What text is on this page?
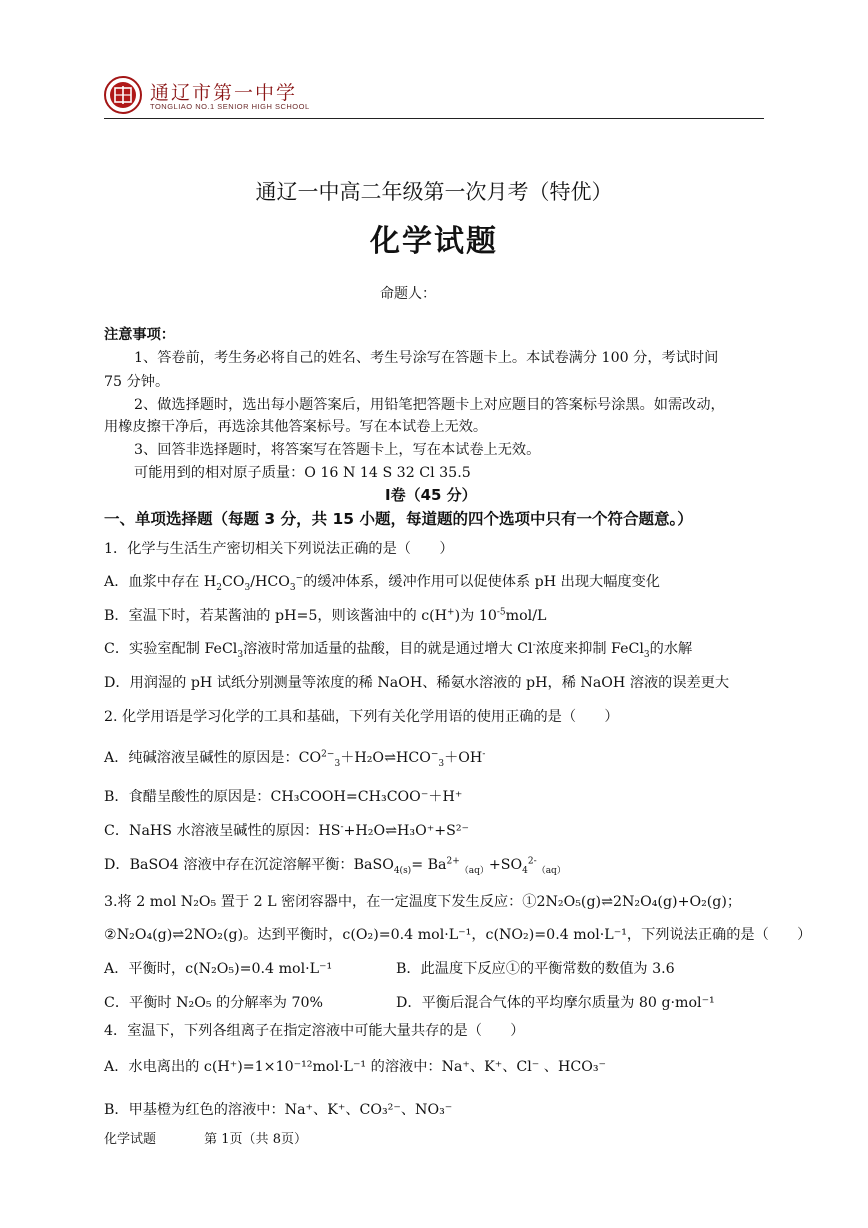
通辽市第一中学
TONGLIAO NO.1 SENIOR HIGH SCHOOL
通辽一中高二年级第一次月考（特优）
化学试题
命题人：
注意事项：
1、答卷前，考生务必将自己的姓名、考生号涂写在答题卡上。本试卷满分 100 分，考试时间
75 分钟。
2、做选择题时，选出每小题答案后，用铅笔把答题卡上对应题目的答案标号涂黑。如需改动，
用橡皮擦干净后，再选涂其他答案标号。写在本试卷上无效。
3、回答非选择题时，将答案写在答题卡上，写在本试卷上无效。
可能用到的相对原子质量：O 16 N 14 S 32 Cl 35.5
I卷（45 分）
一、单项选择题（每题 3 分，共 15 小题，每道题的四个选项中只有一个符合题意。）
1．化学与生活生产密切相关下列说法正确的是（　　）
A．血浆中存在 $H_2CO_3/HCO_3^-$的缓冲体系，缓冲作用可以促使体系 pH 出现大幅度变化
B．室温下时，若某酱油的 pH=5，则该酱油中的 c(H+)为 $10^{-5}mol/L$
C．实验室配制 FeCl$_3$溶液时常加适量的盐酸，目的就是通过增大 Cl-浓度来抑制 FeCl$_3$的水解
D．用润湿的 pH 试纸分别测量等浓度的稀 NaOH、稀氨水溶液的 pH，稀 NaOH 溶液的误差更大
2. 化学用语是学习化学的工具和基础，下列有关化学用语的使用正确的是（　　）
A．纯碱溶液呈碱性的原因是：$CO^{2-}_3+H_2O\rightleftharpoons HCO^-_3+OH^-$
B．食醋呈酸性的原因是：CH₃COOH=CH₃COO⁻＋H⁺
C．NaHS 水溶液呈碱性的原因：HS-+H₂O⇌H₃O⁺+S²⁻
D．BaSO4 溶液中存在沉淀溶解平衡：BaSO$_{4(s)}$= $Ba^{2+}_{(aq)}+SO_4^{2-}_{(aq)}$
3.将 2 mol N₂O₅ 置于 2 L 密闭容器中，在一定温度下发生反应：①2N₂O₅(g)⇌2N₂O₄(g)+O₂(g)；
②N₂O₄(g)⇌2NO₂(g)。达到平衡时，c(O₂)=0.4 mol·L⁻¹，c(NO₂)=0.4 mol·L⁻¹，下列说法正确的是（　　）
A．平衡时，c(N₂O₅)=0.4 mol·L⁻¹	B．此温度下反应①的平衡常数的数值为 3.6
C．平衡时 N₂O₅ 的分解率为 70%	D．平衡后混合气体的平均摩尔质量为 80 g·mol⁻¹
4．室温下，下列各组离子在指定溶液中可能大量共存的是（　　）
A．水电离出的 c(H⁺)=1×10⁻¹²mol·L⁻¹ 的溶液中：Na⁺、K⁺、Cl⁻ 、HCO₃⁻
B．甲基橙为红色的溶液中：Na⁺、K⁺、CO₃²⁻、NO₃⁻
化学试题	第 1页（共 8页）
